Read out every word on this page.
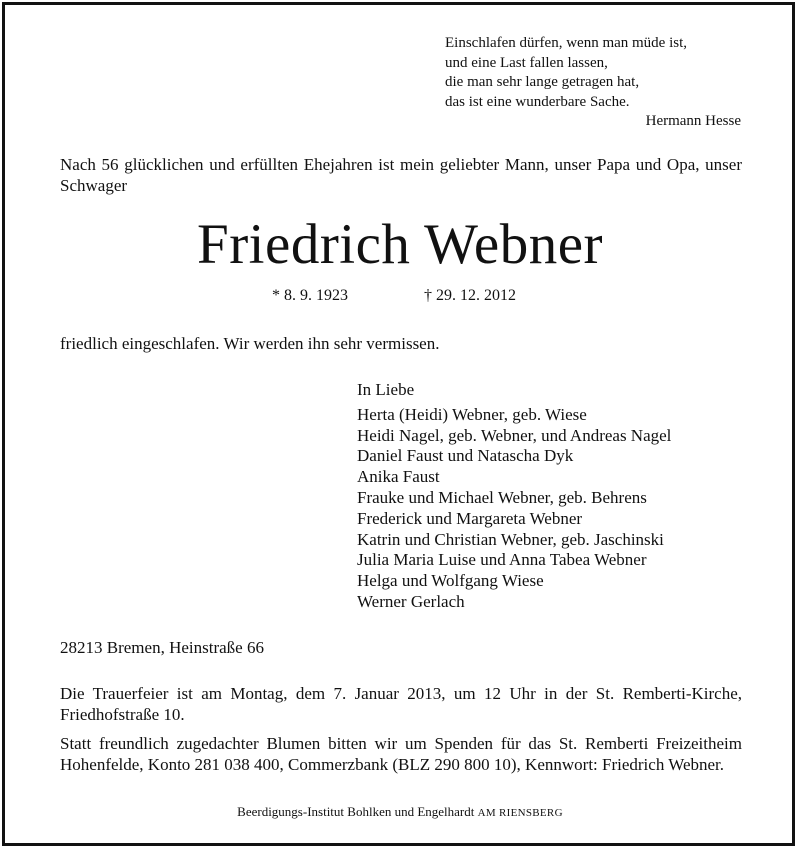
Einschlafen dürfen, wenn man müde ist,
und eine Last fallen lassen,
die man sehr lange getragen hat,
das ist eine wunderbare Sache.
Hermann Hesse
Nach 56 glücklichen und erfüllten Ehejahren ist mein geliebter Mann, unser Papa und Opa, unser Schwager
Friedrich Webner
* 8. 9. 1923	† 29. 12. 2012
friedlich eingeschlafen. Wir werden ihn sehr vermissen.
In Liebe
Herta (Heidi) Webner, geb. Wiese
Heidi Nagel, geb. Webner, und Andreas Nagel
Daniel Faust und Natascha Dyk
Anika Faust
Frauke und Michael Webner, geb. Behrens
Frederick und Margareta Webner
Katrin und Christian Webner, geb. Jaschinski
Julia Maria Luise und Anna Tabea Webner
Helga und Wolfgang Wiese
Werner Gerlach
28213 Bremen, Heinstraße 66
Die Trauerfeier ist am Montag, dem 7. Januar 2013, um 12 Uhr in der St. Remberti-Kirche, Friedhofstraße 10.
Statt freundlich zugedachter Blumen bitten wir um Spenden für das St. Remberti Freizeitheim Hohenfelde, Konto 281 038 400, Commerzbank (BLZ 290 800 10), Kennwort: Friedrich Webner.
Beerdigungs-Institut Bohlken und Engelhardt AM RIENSBERG
